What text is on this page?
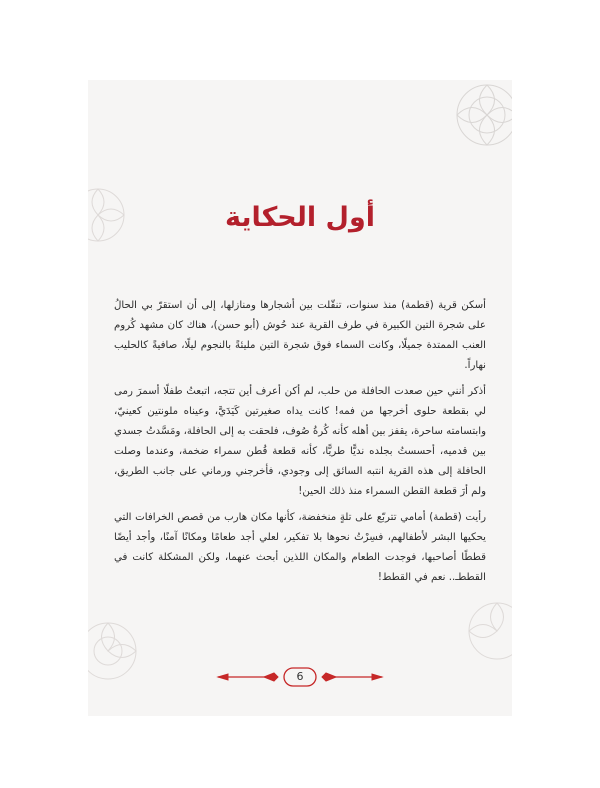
أول الحكاية

أسكن قرية (قطمة) منذ سنوات، تنقّلت بين أشجارها ومنازلها، إلى أن استقرّ بي الحالُ على شجرة التين الكبيرة في طرف القرية عند حُوش (أبو حسن)، هناك كان مشهد كُروم العنب الممتدة جميلًا، وكانت السماء فوق شجرة التين مليئةً بالنجوم ليلًا، صافيةً كالحليب نهاراً.

أذكر أنني حين صعدت الحافلة من حلب، لم أكن أعرف أين تتجه، اتبعتُ طفلًا أسمرَ رمى لي بقطعة حلوى أخرجها من فمه! كانت يداه صغيرتين كَيَدَيَّ، وعيناه ملونتين كعينيّ، وابتسامته ساحرة، يقفز بين أهله كأنه كُرةُ صُوف، فلحقت به إلى الحافلة، ومَسَّدتُ جسدي بين قدميه، أحسستُ بجلده نديًّا طريًّا، كأنه قطعة قُطن سمراء ضخمة، وعندما وصلت الحافلة إلى هذه القرية انتبه السائق إلى وجودي، فأخرجني ورماني على جانب الطريق، ولم أرَ قطعة القطن السمراء منذ ذلك الحين!

رأيت (قطمة) أمامي تتربّع على تلةٍ منخفضة، كأنها مكان هارب من قصص الخرافات التي يحكيها البشر لأطفالهم، فسِرْتُ نحوها بلا تفكير، لعلي أجد طعامًا ومكانًا آمنًا، وأجد أيضًا قططًا أصاحبها، فوجدت الطعام والمكان اللذين أبحث عنهما، ولكن المشكلة كانت في القططـ.. نعم في القطط!

6
